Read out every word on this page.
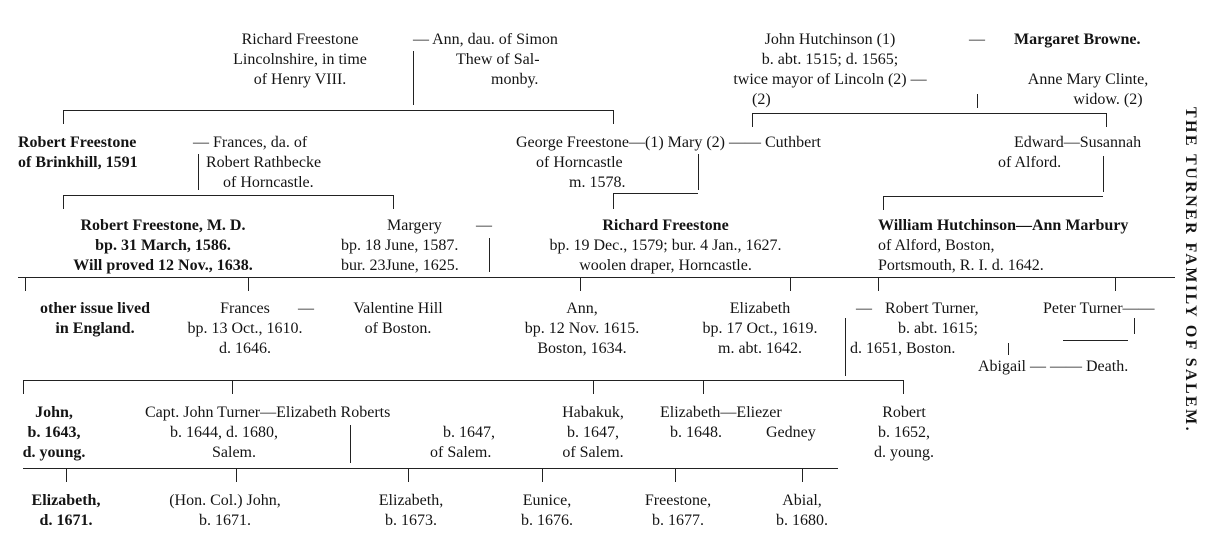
THE TURNER FAMILY OF SALEM.
Richard Freestone
Lincolnshire, in time
of Henry VIII.
— Ann, dau. of Simon
Thew of Sal-
monby.
John Hutchinson (1)
b. abt. 1515; d. 1565;
twice mayor of Lincoln (2) —
(2)
— Margaret Browne.
Anne Mary Clinte,
widow. (2)
Robert Freestone
of Brinkhill, 1591
— Frances, da. of
Robert Rathbecke
of Horncastle.
George Freestone—(1) Mary (2) —— Cuthbert
of Horncastle
m. 1578.
Edward—Susannah
of Alford.
Robert Freestone, M. D.
bp. 31 March, 1586.
Will proved 12 Nov., 1638.
Margery
bp. 18 June, 1587.
bur. 23June, 1625.
—	Richard Freestone
bp. 19 Dec., 1579; bur. 4 Jan., 1627.
woolen draper, Horncastle.
William Hutchinson—Ann Marbury
of Alford, Boston,
Portsmouth, R. I. d. 1642.
other issue lived
in England.
Frances
bp. 13 Oct., 1610.
d. 1646.
—	Valentine Hill
of Boston.
Ann,
bp. 12 Nov. 1615.
Boston, 1634.
Elizabeth
bp. 17 Oct., 1619.
m. abt. 1642.
— Robert Turner,
b. abt. 1615;
d. 1651, Boston.
Peter Turner——
Abigail — —— Death.
John,
b. 1643,
d. young.
Capt. John Turner—Elizabeth Roberts
b. 1644, d. 1680,
Salem.
b. 1647,
of Salem.
Habakuk,
b. 1647,
of Salem.
Elizabeth—Eliezer
b. 1648.	Gedney
Robert
b. 1652,
d. young.
Elizabeth,
d. 1671.
(Hon. Col.) John,
b. 1671.
Elizabeth,
b. 1673.
Eunice,
b. 1676.
Freestone,
b. 1677.
Abial,
b. 1680.
